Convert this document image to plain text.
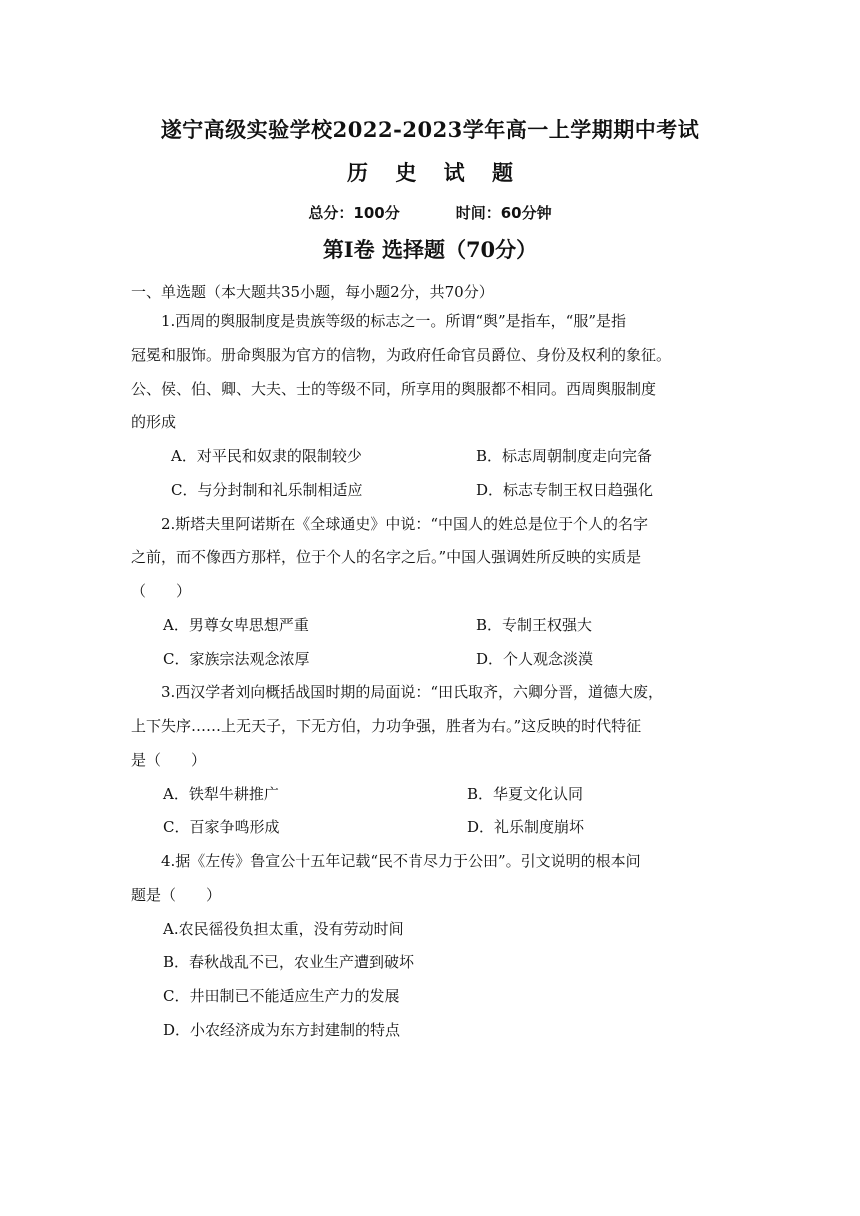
遂宁高级实验学校2022-2023学年高一上学期期中考试
历 史 试 题
总分：100分	时间：60分钟
第Ⅰ卷 选择题（70分）
一、单选题（本大题共35小题，每小题2分，共70分）
1.西周的舆服制度是贵族等级的标志之一。所谓“舆”是指车，“服”是指
冠冕和服饰。册命舆服为官方的信物，为政府任命官员爵位、身份及权利的象征。
公、侯、伯、卿、大夫、士的等级不同，所享用的舆服都不相同。西周舆服制度
的形成
A．对平民和奴隶的限制较少	B．标志周朝制度走向完备
C．与分封制和礼乐制相适应	D．标志专制王权日趋强化
2.斯塔夫里阿诺斯在《全球通史》中说：“中国人的姓总是位于个人的名字
之前，而不像西方那样，位于个人的名字之后。”中国人强调姓所反映的实质是
（　　）
A．男尊女卑思想严重	B．专制王权强大
C．家族宗法观念浓厚	D．个人观念淡漠
3.西汉学者刘向概括战国时期的局面说：“田氏取齐，六卿分晋，道德大废，
上下失序……上无天子，下无方伯，力功争强，胜者为右。”这反映的时代特征
是（　　）
A．铁犁牛耕推广	B．华夏文化认同
C．百家争鸣形成	D．礼乐制度崩坏
4.据《左传》鲁宣公十五年记载“民不肯尽力于公田”。引文说明的根本问
题是（　　）
A.农民徭役负担太重，没有劳动时间
B．春秋战乱不已，农业生产遭到破坏
C．井田制已不能适应生产力的发展
D．小农经济成为东方封建制的特点
